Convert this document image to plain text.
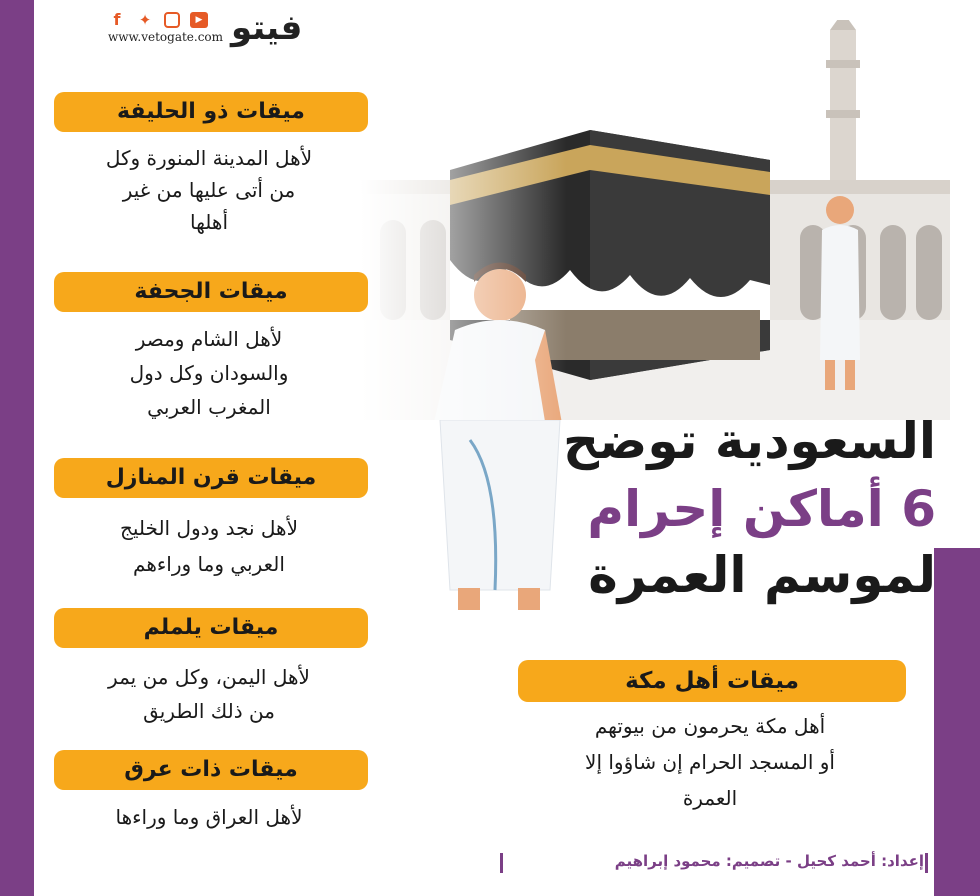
f	✦	▶
www.vetogate.com فيتو
السعودية توضح
6 أماكن إحرام
لموسم العمرة
ميقات ذو الحليفة
لأهل المدينة المنورة وكل
من أتى عليها من غير
أهلها
ميقات الجحفة
لأهل الشام ومصر
والسودان وكل دول
المغرب العربي
ميقات قرن المنازل
لأهل نجد ودول الخليج
العربي وما وراءهم
ميقات يلملم
لأهل اليمن، وكل من يمر
من ذلك الطريق
ميقات ذات عرق
لأهل العراق وما وراءها
ميقات أهل مكة
أهل مكة يحرمون من بيوتهم
أو المسجد الحرام إن شاؤوا إلا
العمرة
إعداد: أحمد كحيل - تصميم: محمود إبراهيم
